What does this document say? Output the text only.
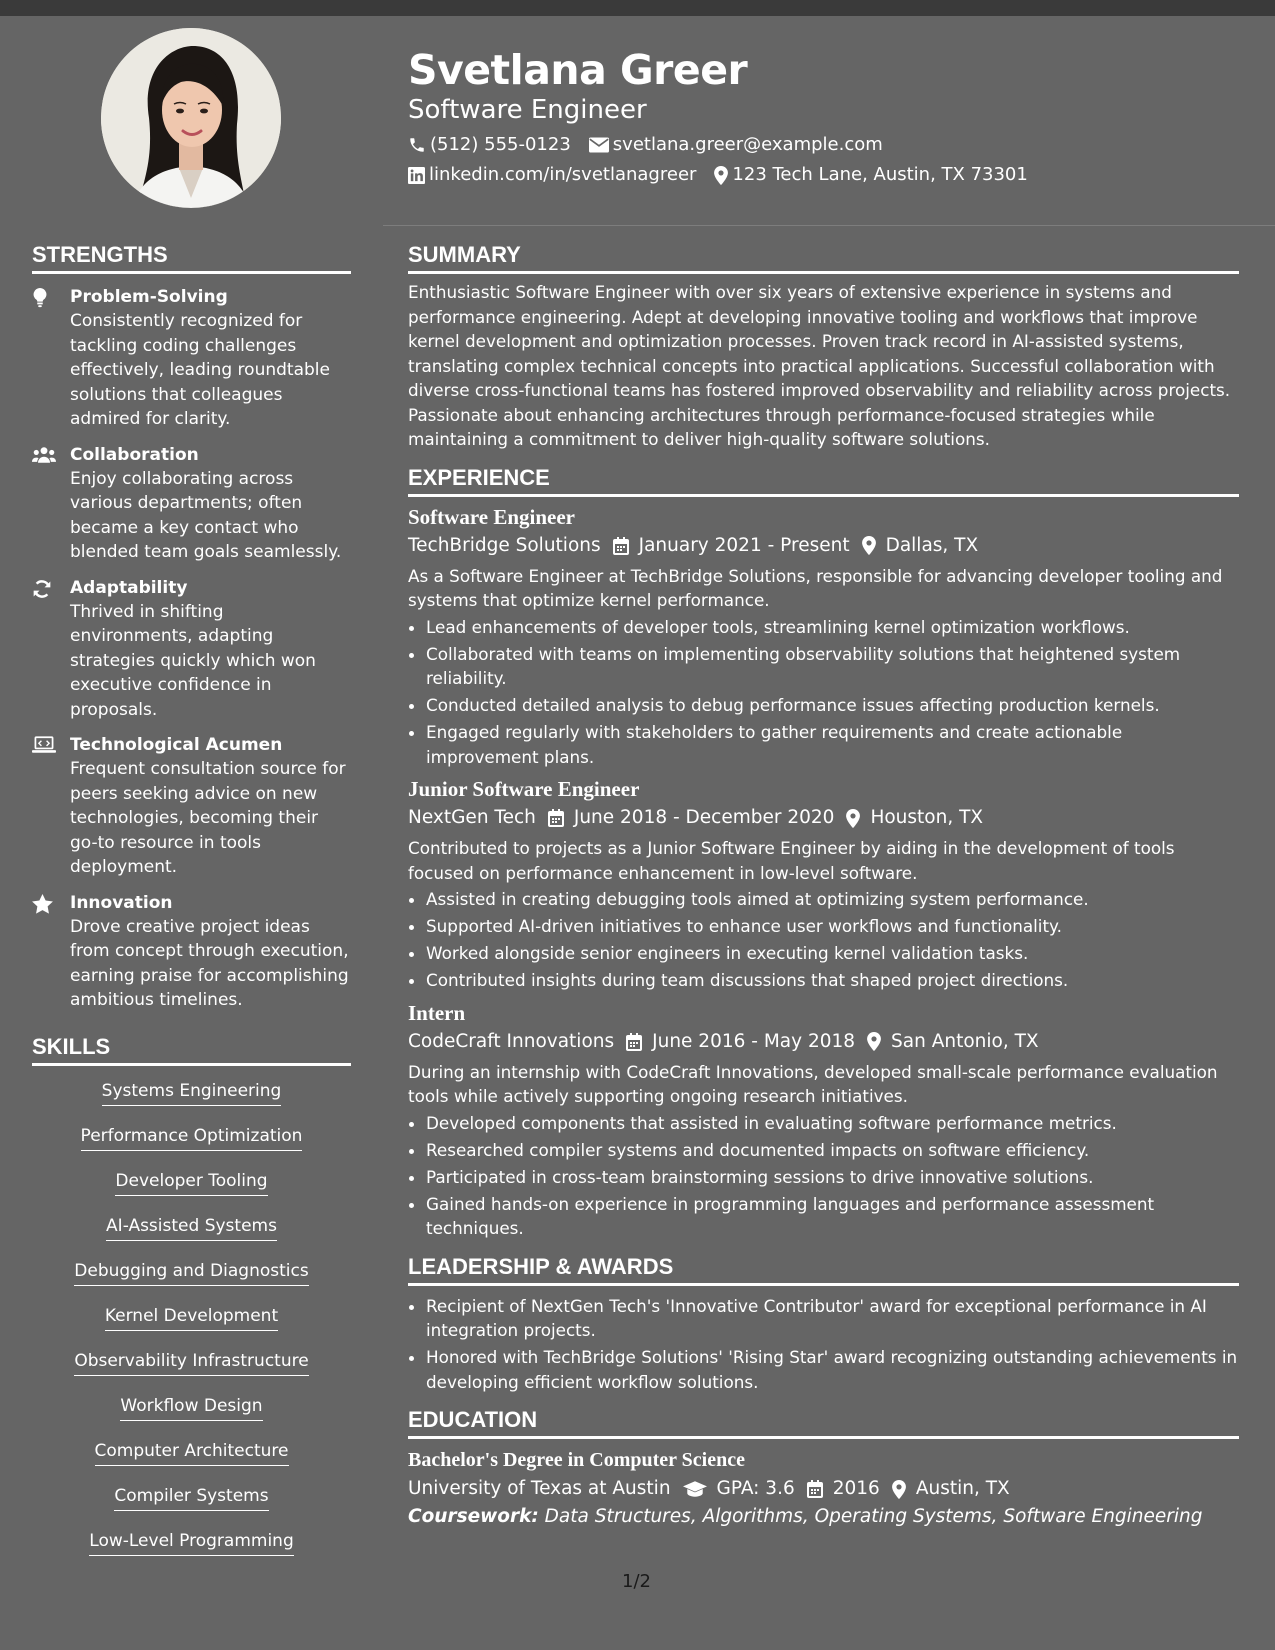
Svetlana Greer
Software Engineer
(512) 555-0123 svetlana.greer@example.com
linkedin.com/in/svetlanagreer 123 Tech Lane, Austin, TX 73301
STRENGTHS
Problem-Solving
Consistently recognized for tackling coding challenges effectively, leading roundtable solutions that colleagues admired for clarity.
Collaboration
Enjoy collaborating across various departments; often became a key contact who blended team goals seamlessly.
Adaptability
Thrived in shifting environments, adapting strategies quickly which won executive confidence in proposals.
Technological Acumen
Frequent consultation source for peers seeking advice on new technologies, becoming their go-to resource in tools deployment.
Innovation
Drove creative project ideas from concept through execution, earning praise for accomplishing ambitious timelines.
SKILLS
Systems Engineering
Performance Optimization
Developer Tooling
AI-Assisted Systems
Debugging and Diagnostics
Kernel Development
Observability Infrastructure
Workflow Design
Computer Architecture
Compiler Systems
Low-Level Programming
SUMMARY
Enthusiastic Software Engineer with over six years of extensive experience in systems and performance engineering. Adept at developing innovative tooling and workflows that improve kernel development and optimization processes. Proven track record in AI-assisted systems, translating complex technical concepts into practical applications. Successful collaboration with diverse cross-functional teams has fostered improved observability and reliability across projects. Passionate about enhancing architectures through performance-focused strategies while maintaining a commitment to deliver high-quality software solutions.
EXPERIENCE
Software Engineer
TechBridge Solutions January 2021 - Present Dallas, TX
As a Software Engineer at TechBridge Solutions, responsible for advancing developer tooling and systems that optimize kernel performance.
• Lead enhancements of developer tools, streamlining kernel optimization workflows.
• Collaborated with teams on implementing observability solutions that heightened system reliability.
• Conducted detailed analysis to debug performance issues affecting production kernels.
• Engaged regularly with stakeholders to gather requirements and create actionable improvement plans.
Junior Software Engineer
NextGen Tech June 2018 - December 2020 Houston, TX
Contributed to projects as a Junior Software Engineer by aiding in the development of tools focused on performance enhancement in low-level software.
• Assisted in creating debugging tools aimed at optimizing system performance.
• Supported AI-driven initiatives to enhance user workflows and functionality.
• Worked alongside senior engineers in executing kernel validation tasks.
• Contributed insights during team discussions that shaped project directions.
Intern
CodeCraft Innovations June 2016 - May 2018 San Antonio, TX
During an internship with CodeCraft Innovations, developed small-scale performance evaluation tools while actively supporting ongoing research initiatives.
• Developed components that assisted in evaluating software performance metrics.
• Researched compiler systems and documented impacts on software efficiency.
• Participated in cross-team brainstorming sessions to drive innovative solutions.
• Gained hands-on experience in programming languages and performance assessment techniques.
LEADERSHIP & AWARDS
• Recipient of NextGen Tech's 'Innovative Contributor' award for exceptional performance in AI integration projects.
• Honored with TechBridge Solutions' 'Rising Star' award recognizing outstanding achievements in developing efficient workflow solutions.
EDUCATION
Bachelor's Degree in Computer Science
University of Texas at Austin GPA: 3.6 2016 Austin, TX
Coursework: Data Structures, Algorithms, Operating Systems, Software Engineering
1/2
